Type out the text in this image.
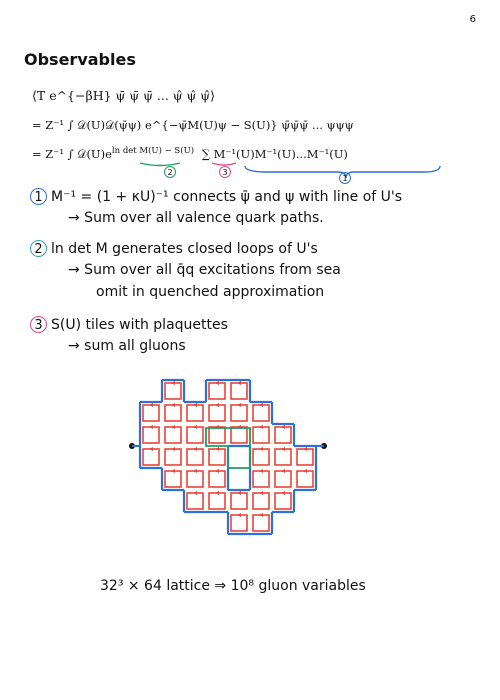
6
Observables
⟨T e^{−βH} ψ̄ ψ̄ ψ̄ ... ψ̂ ψ̂ ψ̂⟩
= Z⁻¹ ∫ 𝒟(U)𝒟(ψ̄ψ) e^{−ψ̄M(U)ψ − S(U)} ψ̄ψ̄ψ̄ ... ψψψ
= Z⁻¹ ∫ $𝒟(U)e^{ln det M(U) - S(U)}$ ∑ M⁻¹(U)M⁻¹(U)...M⁻¹(U)
2	3
1
1 M⁻¹ = (1 + κU)⁻¹ connects ψ̄ and ψ with line of U's
→ Sum over all valence quark paths.
2 ln det M generates closed loops of U's
→ Sum over all q̄q excitations from sea
omit in quenched approximation
3 S(U) tiles with plaquettes
→ sum all gluons
32³ × 64 lattice ⇒ 10⁸ gluon variables
